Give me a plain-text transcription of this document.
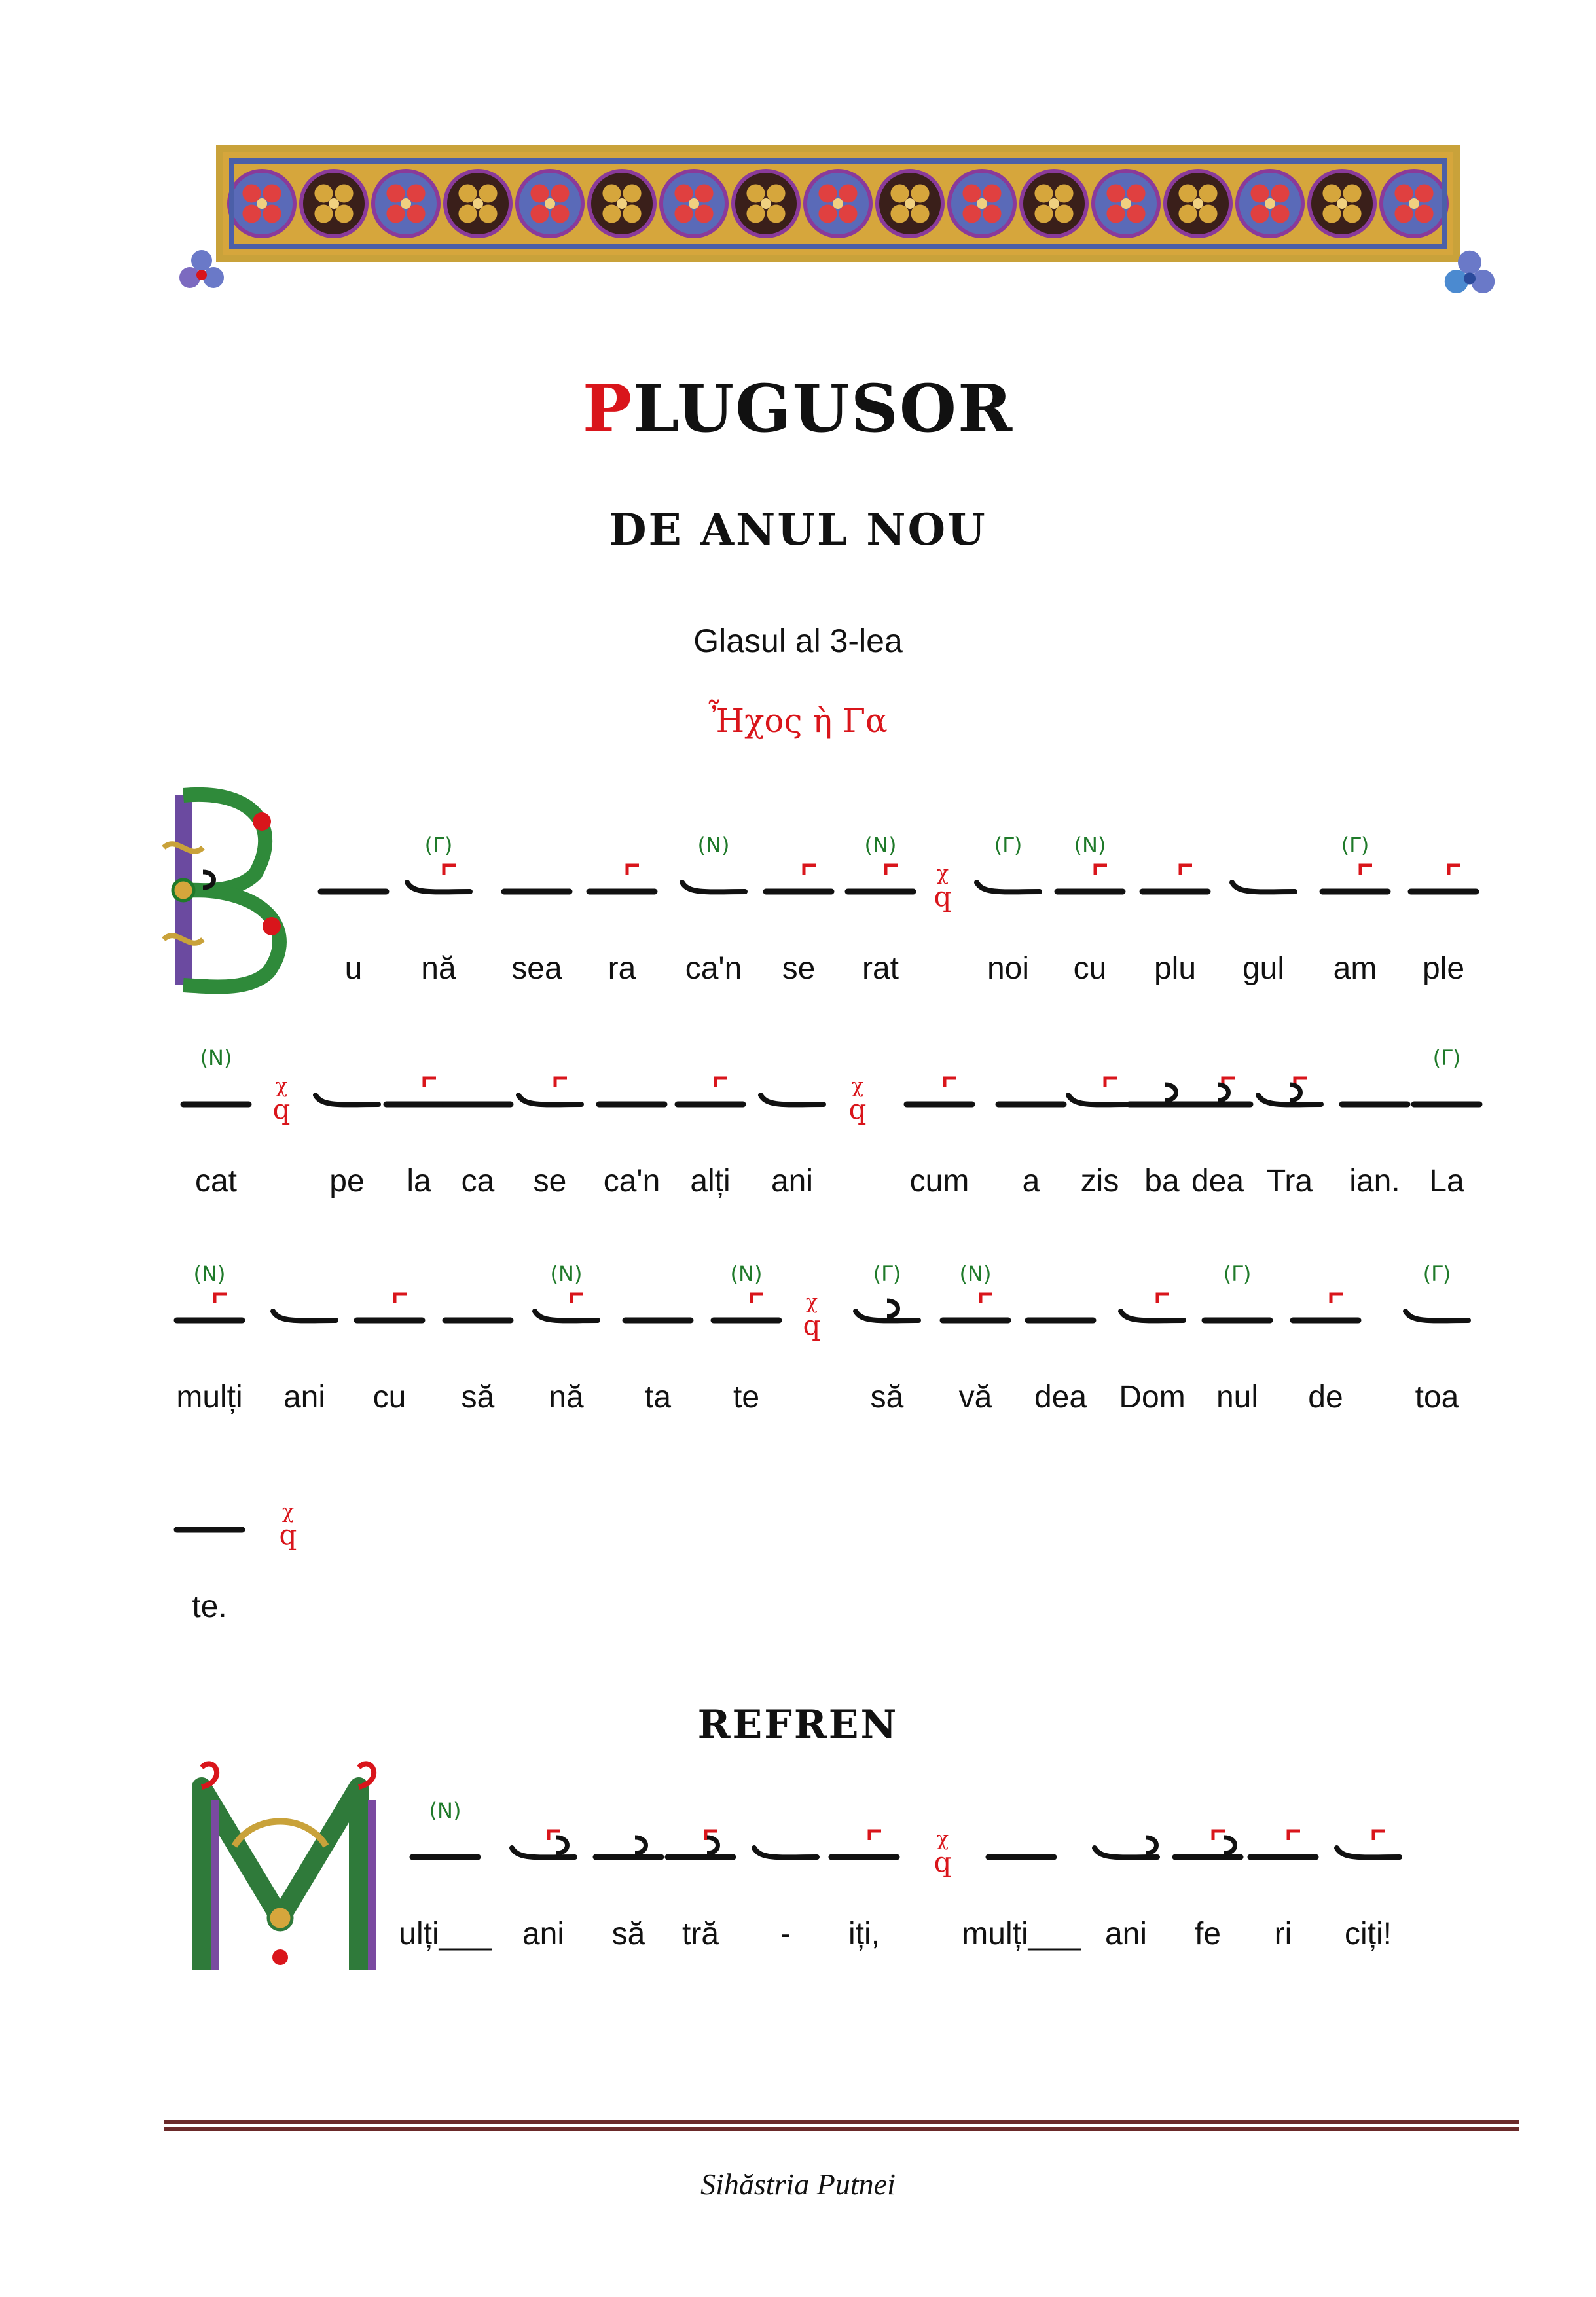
PLUGUSOR
DE ANUL NOU
Glasul al 3-lea
Ἦχος ὴ Γα
(Γ)	(Ν)	(Ν)	(Γ) (Ν)	(Γ)
χ
q
u nă sea ra ca'n se rat	noi cu plu gul am ple
(Ν)	(Γ)
χ
q
χ
q
cat	pe la ca se ca'n alți ani	cum a zis ba dea Tra ian. La
(Ν)	(Ν)	(Ν)	(Γ)	(Ν)	(Γ)	(Γ)
χ
q
mulți ani cu să nă ta te	să vă dea Dom nul de toa
χ
q
te.
REFREN
(Ν)
χ
q
ulți___ ani să tră - iți,	mulți___ ani fe ri ciți!
Sihăstria Putnei
